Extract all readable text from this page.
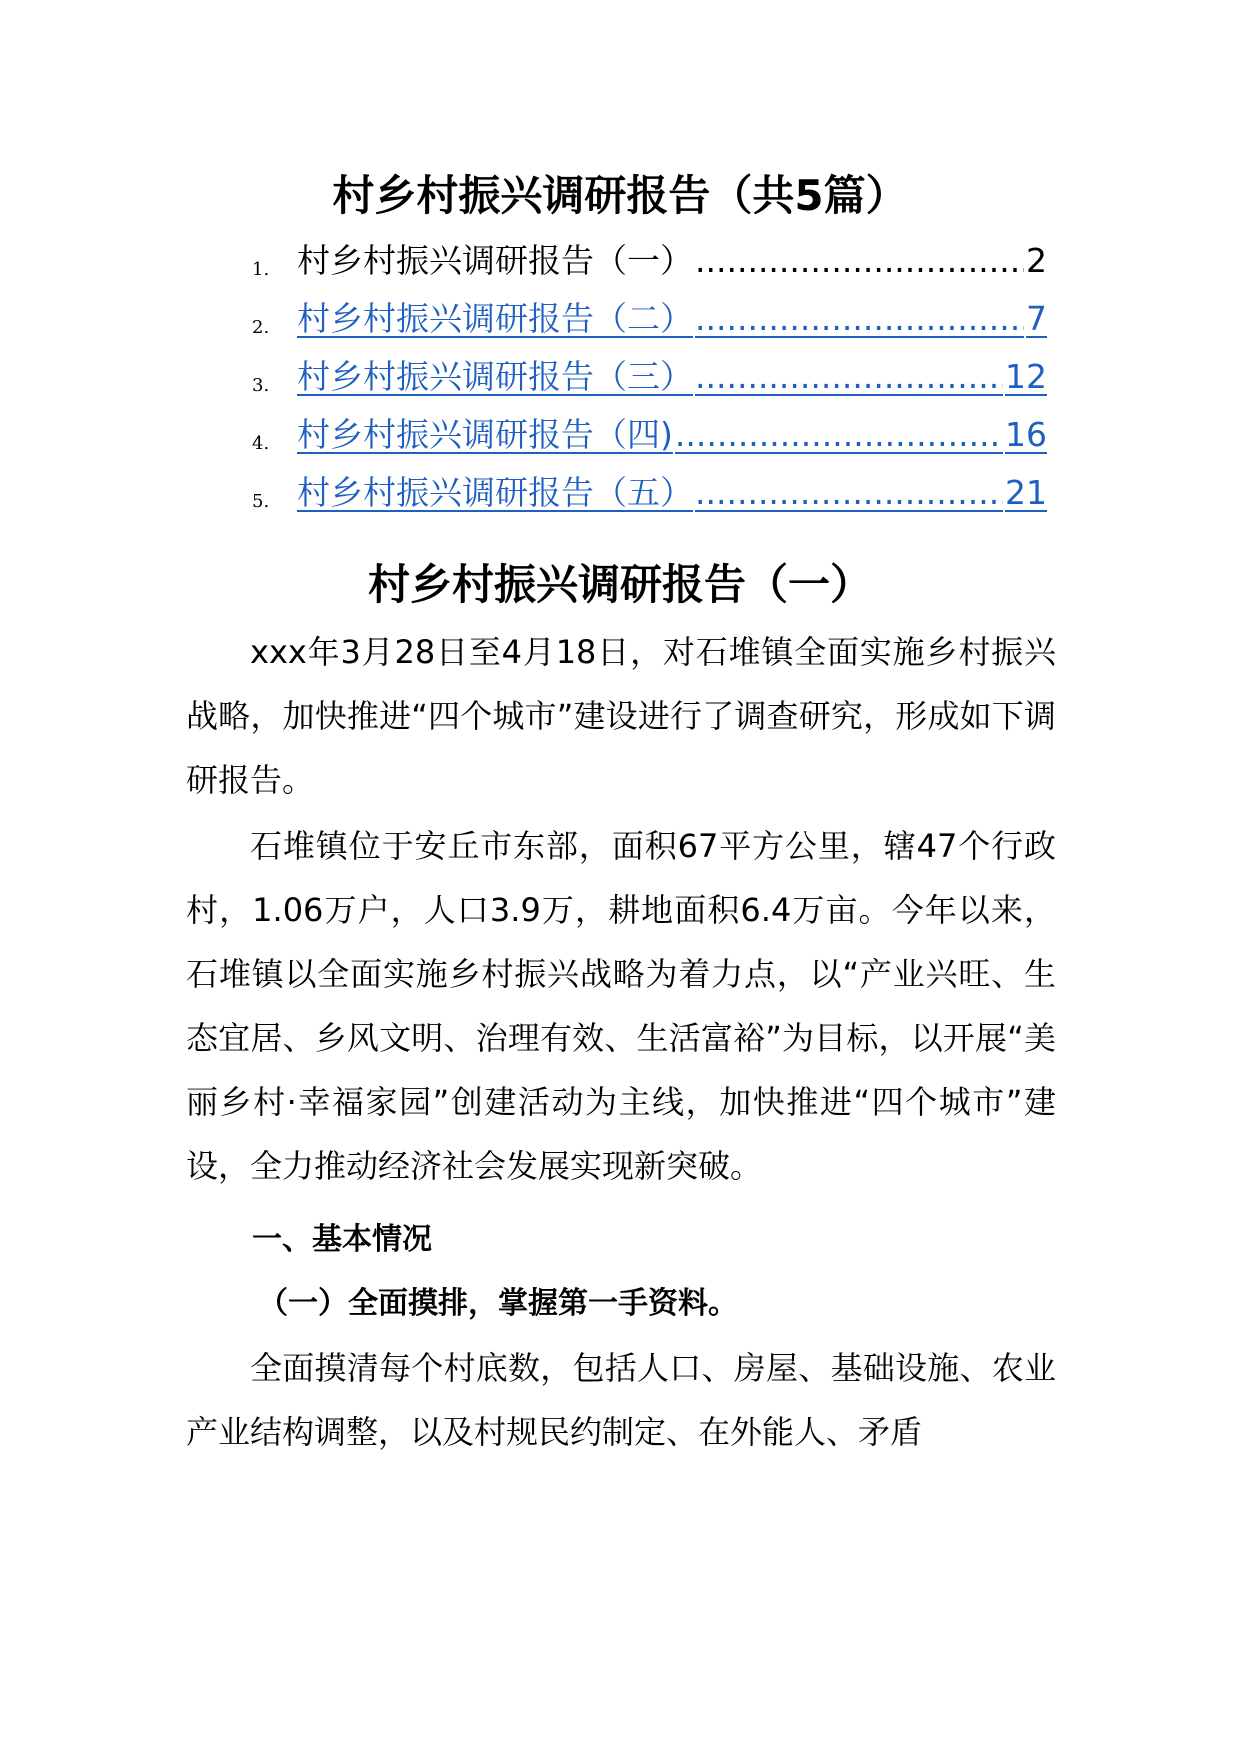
村乡村振兴调研报告（共5篇）
1. 村乡村振兴调研报告（一） .....	2
2. 村乡村振兴调研报告（二） .....	7
3. 村乡村振兴调研报告（三） .....	12
4. 村乡村振兴调研报告（四) .....	16
5. 村乡村振兴调研报告（五） .....	21
村乡村振兴调研报告（一）

xxx年3月28日至4月18日，对石堆镇全面实施乡村振兴战略，加快推进“四个城市”建设进行了调查研究，形成如下调研报告。

石堆镇位于安丘市东部，面积67平方公里，辖47个行政村，1.06万户，人口3.9万，耕地面积6.4万亩。今年以来，石堆镇以全面实施乡村振兴战略为着力点，以“产业兴旺、生态宜居、乡风文明、治理有效、生活富裕”为目标，以开展“美丽乡村·幸福家园”创建活动为主线，加快推进“四个城市”建设，全力推动经济社会发展实现新突破。

一、基本情况

（一）全面摸排，掌握第一手资料。

全面摸清每个村底数，包括人口、房屋、基础设施、农业产业结构调整，以及村规民约制定、在外能人、矛盾
